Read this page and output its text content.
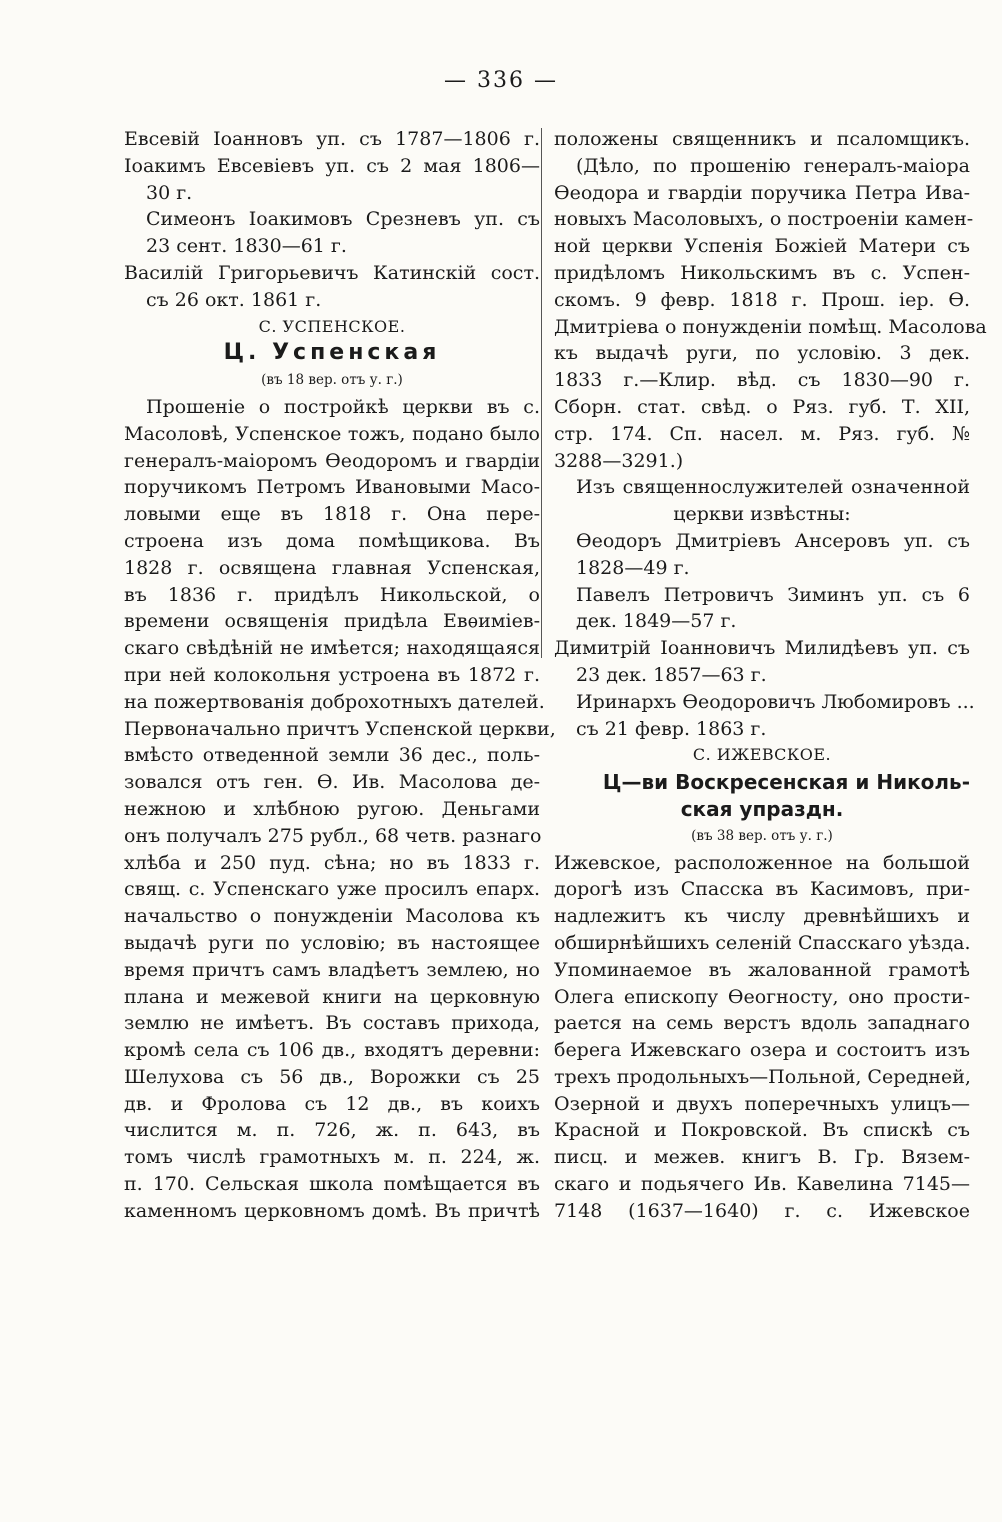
— 336 —
Евсевій Іоанновъ уп. съ 1787—1806 г.
Іоакимъ Евсевіевъ уп. съ 2 мая 1806—
30 г.
Симеонъ Іоакимовъ Срезневъ уп. съ
23 сент. 1830—61 г.
Василій Григорьевичъ Катинскій сост.
съ 26 окт. 1861 г.
С. УСПЕНСКОЕ.
Ц. Успенская
(въ 18 вер. отъ у. г.)
Прошеніе о постройкѣ церкви въ с.
Масоловѣ, Успенское тожъ, подано было
генералъ-маіоромъ Ѳеодоромъ и гвардіи
поручикомъ Петромъ Ивановыми Масо-
ловыми еще въ 1818 г. Она пере-
строена изъ дома помѣщикова. Въ
1828 г. освящена главная Успенская,
въ 1836 г. придѣлъ Никольской, о
времени освященія придѣла Евѳиміев-
скаго свѣдѣній не имѣется; находящаяся
при ней колокольня устроена въ 1872 г.
на пожертвованія доброхотныхъ дателей.
Первоначально причтъ Успенской церкви,
вмѣсто отведенной земли 36 дес., поль-
зовался отъ ген. Ѳ. Ив. Масолова де-
нежною и хлѣбною ругою. Деньгами
онъ получалъ 275 рубл., 68 четв. разнаго
хлѣба и 250 пуд. сѣна; но въ 1833 г.
свящ. с. Успенскаго уже просилъ епарх.
начальство о понужденіи Масолова къ
выдачѣ руги по условію; въ настоящее
время причтъ самъ владѣетъ землею, но
плана и межевой книги на церковную
землю не имѣетъ. Въ составъ прихода,
кромѣ села съ 106 дв., входятъ деревни:
Шелухова съ 56 дв., Ворожки съ 25
дв. и Фролова съ 12 дв., въ коихъ
числится м. п. 726, ж. п. 643, въ
томъ числѣ грамотныхъ м. п. 224, ж.
п. 170. Сельская школа помѣщается въ
каменномъ церковномъ домѣ. Въ причтѣ
положены священникъ и псаломщикъ.
(Дѣло, по прошенію генералъ-маіора
Ѳеодора и гвардіи поручика Петра Ива-
новыхъ Масоловыхъ, о построеніи камен-
ной церкви Успенія Божіей Матери съ
придѣломъ Никольскимъ въ с. Успен-
скомъ. 9 февр. 1818 г. Прош. іер. Ѳ.
Дмитріева о понужденіи помѣщ. Масолова
къ выдачѣ руги, по условію. 3 дек.
1833 г.—Клир. вѣд. съ 1830—90 г.
Сборн. стат. свѣд. о Ряз. губ. Т. XII,
стр. 174. Сп. насел. м. Ряз. губ. №
3288—3291.)
Изъ священнослужителей означенной
церкви извѣстны:
Ѳеодоръ Дмитріевъ Ансеровъ уп. съ
1828—49 г.
Павелъ Петровичъ Зиминъ уп. съ 6
дек. 1849—57 г.
Димитрій Іоанновичъ Милидѣевъ уп. съ
23 дек. 1857—63 г.
Иринархъ Ѳеодоровичъ Любомировъ ...
съ 21 февр. 1863 г.
С. ИЖЕВСКОЕ.
Ц—ви Воскресенская и Николь-
ская упраздн.
(въ 38 вер. отъ у. г.)
Ижевское, расположенное на большой
дорогѣ изъ Спасска въ Касимовъ, при-
надлежитъ къ числу древнѣйшихъ и
обширнѣйшихъ селеній Спасскаго уѣзда.
Упоминаемое въ жалованной грамотѣ
Олега епископу Ѳеогносту, оно прости-
рается на семь верстъ вдоль западнаго
берега Ижевскаго озера и состоитъ изъ
трехъ продольныхъ—Польной, Середней,
Озерной и двухъ поперечныхъ улицъ—
Красной и Покровской. Въ спискѣ съ
писц. и межев. книгъ В. Гр. Вязем-
скаго и подьячего Ив. Кавелина 7145—
7148 (1637—1640) г. с. Ижевское
